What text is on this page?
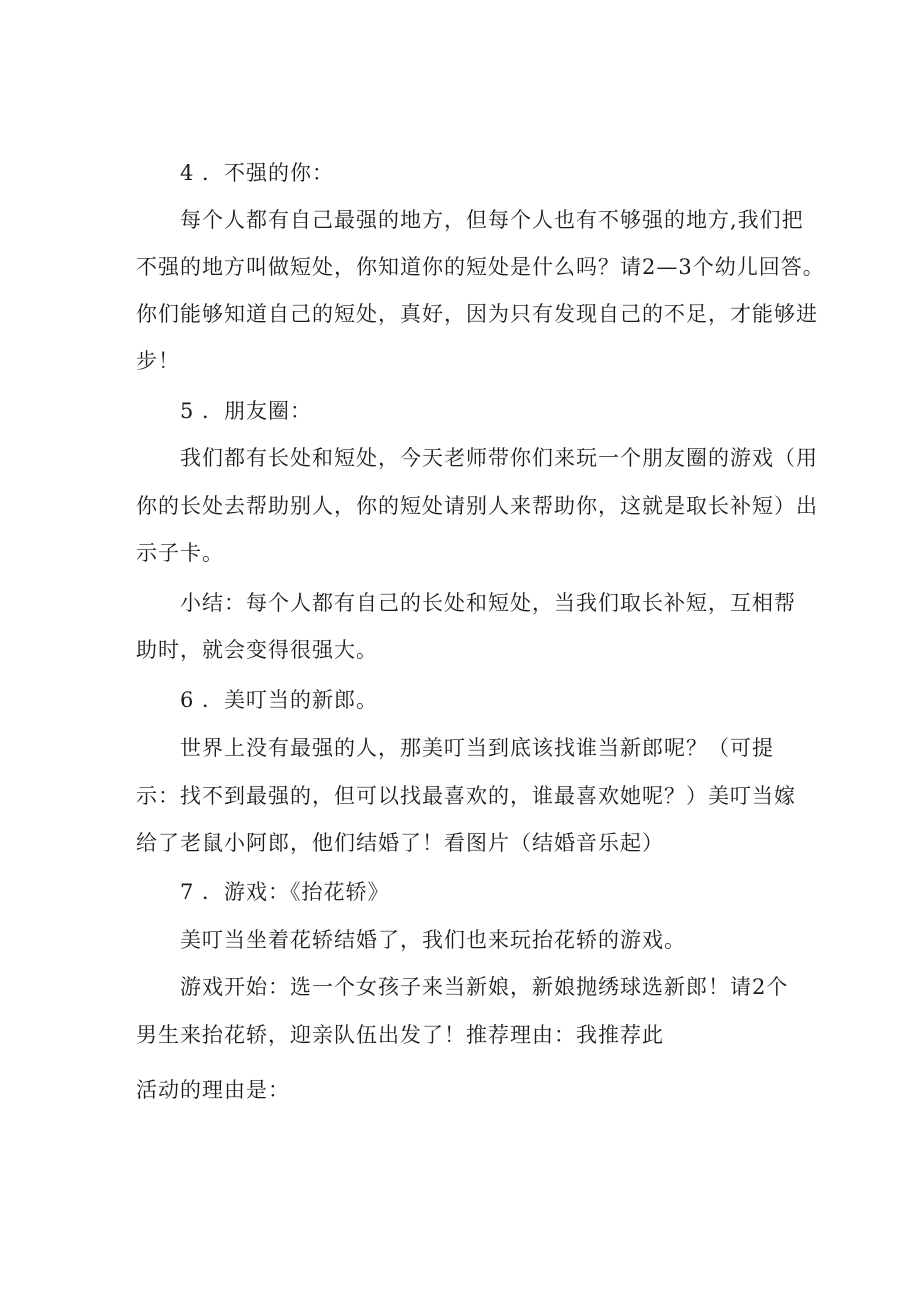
4 ．不强的你：
每个人都有自己最强的地方，但每个人也有不够强的地方,我们把
不强的地方叫做短处，你知道你的短处是什么吗？请2—3个幼儿回答。
你们能够知道自己的短处，真好，因为只有发现自己的不足，才能够进
步！
5 ．朋友圈：
我们都有长处和短处，今天老师带你们来玩一个朋友圈的游戏（用
你的长处去帮助别人，你的短处请别人来帮助你，这就是取长补短）出
示子卡。
小结：每个人都有自己的长处和短处，当我们取长补短，互相帮
助时，就会变得很强大。
6 ．美叮当的新郎。
世界上没有最强的人，那美叮当到底该找谁当新郎呢？（可提
示：找不到最强的，但可以找最喜欢的，谁最喜欢她呢？）美叮当嫁
给了老鼠小阿郎，他们结婚了！看图片（结婚音乐起）
7 ．游戏：《抬花轿》
美叮当坐着花轿结婚了，我们也来玩抬花轿的游戏。
游戏开始：选一个女孩子来当新娘，新娘抛绣球选新郎！请2个
男生来抬花轿，迎亲队伍出发了！推荐理由：我推荐此
活动的理由是：
